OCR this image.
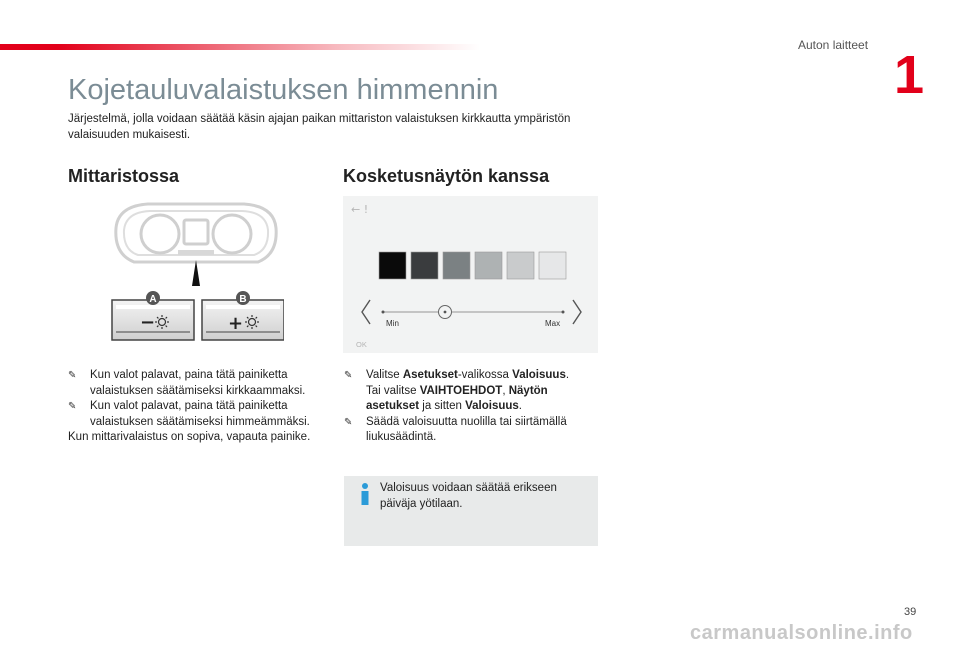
Auton laitteet 1
Kojetauluvalaistuksen himmennin

Järjestelmä, jolla voidaan säätää käsin ajajan paikan mittariston valaistuksen kirkkautta ympäristön valaisuuden mukaisesti.

Mittaristossa	Kosketusnäytön kanssa
A	B
−	+
← !
Min	Max
OK
✎ Kun valot palavat, paina tätä painiketta valaistuksen säätämiseksi kirkkaammaksi.
✎ Kun valot palavat, paina tätä painiketta valaistuksen säätämiseksi himmeämmäksi.
Kun mittarivalaistus on sopiva, vapauta painike.
✎ Valitse Asetukset-valikossa Valoisuus.
Tai valitse VAIHTOEHDOT, Näytön asetukset ja sitten Valoisuus.
✎ Säädä valoisuutta nuolilla tai siirtämällä liukusäädintä.
Valoisuus voidaan säätää erikseen päiväja yötilaan.
39
carmanualsonline.info
